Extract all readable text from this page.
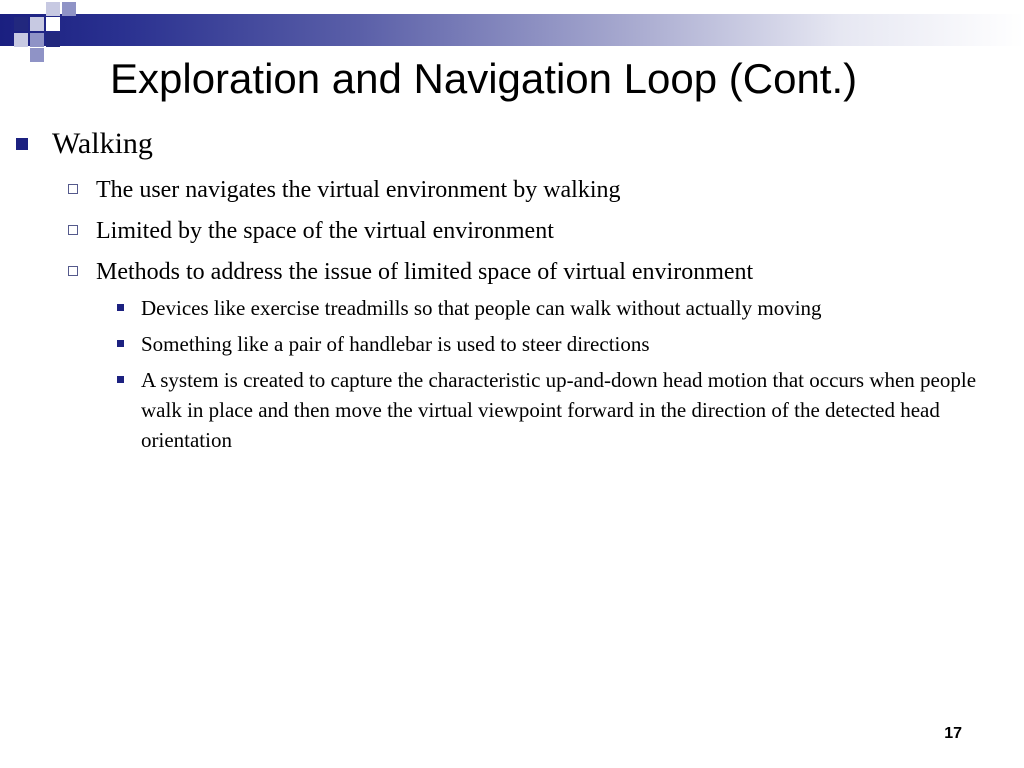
Exploration and Navigation Loop (Cont.)
Walking
The user navigates the virtual environment by walking
Limited by the space of the virtual environment
Methods to address the issue of limited space of virtual environment
Devices like exercise treadmills so that people can walk without actually moving
Something like a pair of handlebar is used to steer directions
A system is created to capture the characteristic up-and-down head motion that occurs when people walk in place and then move the virtual viewpoint forward in the direction of the detected head orientation
17
